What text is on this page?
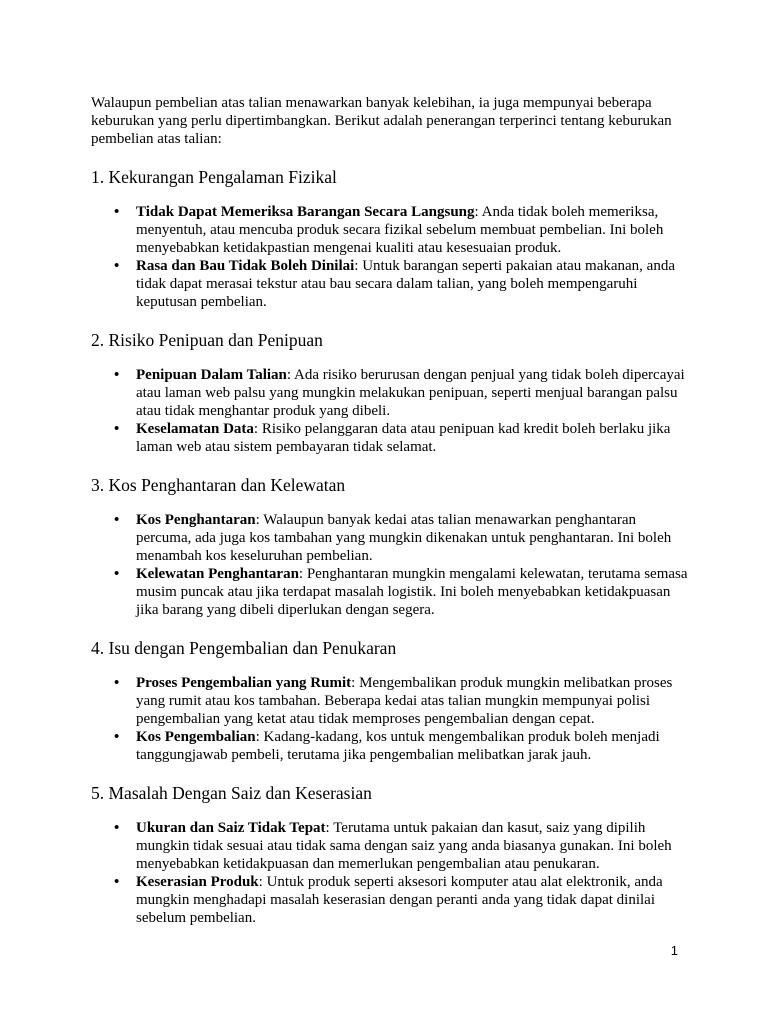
Walaupun pembelian atas talian menawarkan banyak kelebihan, ia juga mempunyai beberapa keburukan yang perlu dipertimbangkan. Berikut adalah penerangan terperinci tentang keburukan pembelian atas talian:

1. Kekurangan Pengalaman Fizikal
• Tidak Dapat Memeriksa Barangan Secara Langsung: Anda tidak boleh memeriksa, menyentuh, atau mencuba produk secara fizikal sebelum membuat pembelian. Ini boleh menyebabkan ketidakpastian mengenai kualiti atau kesesuaian produk.
• Rasa dan Bau Tidak Boleh Dinilai: Untuk barangan seperti pakaian atau makanan, anda tidak dapat merasai tekstur atau bau secara dalam talian, yang boleh mempengaruhi keputusan pembelian.
2. Risiko Penipuan dan Penipuan
• Penipuan Dalam Talian: Ada risiko berurusan dengan penjual yang tidak boleh dipercayai atau laman web palsu yang mungkin melakukan penipuan, seperti menjual barangan palsu atau tidak menghantar produk yang dibeli.
• Keselamatan Data: Risiko pelanggaran data atau penipuan kad kredit boleh berlaku jika laman web atau sistem pembayaran tidak selamat.
3. Kos Penghantaran dan Kelewatan
• Kos Penghantaran: Walaupun banyak kedai atas talian menawarkan penghantaran percuma, ada juga kos tambahan yang mungkin dikenakan untuk penghantaran. Ini boleh menambah kos keseluruhan pembelian.
• Kelewatan Penghantaran: Penghantaran mungkin mengalami kelewatan, terutama semasa musim puncak atau jika terdapat masalah logistik. Ini boleh menyebabkan ketidakpuasan jika barang yang dibeli diperlukan dengan segera.
4. Isu dengan Pengembalian dan Penukaran
• Proses Pengembalian yang Rumit: Mengembalikan produk mungkin melibatkan proses yang rumit atau kos tambahan. Beberapa kedai atas talian mungkin mempunyai polisi pengembalian yang ketat atau tidak memproses pengembalian dengan cepat.
• Kos Pengembalian: Kadang-kadang, kos untuk mengembalikan produk boleh menjadi tanggungjawab pembeli, terutama jika pengembalian melibatkan jarak jauh.
5. Masalah Dengan Saiz dan Keserasian
• Ukuran dan Saiz Tidak Tepat: Terutama untuk pakaian dan kasut, saiz yang dipilih mungkin tidak sesuai atau tidak sama dengan saiz yang anda biasanya gunakan. Ini boleh menyebabkan ketidakpuasan dan memerlukan pengembalian atau penukaran.
• Keserasian Produk: Untuk produk seperti aksesori komputer atau alat elektronik, anda mungkin menghadapi masalah keserasian dengan peranti anda yang tidak dapat dinilai sebelum pembelian.
1
